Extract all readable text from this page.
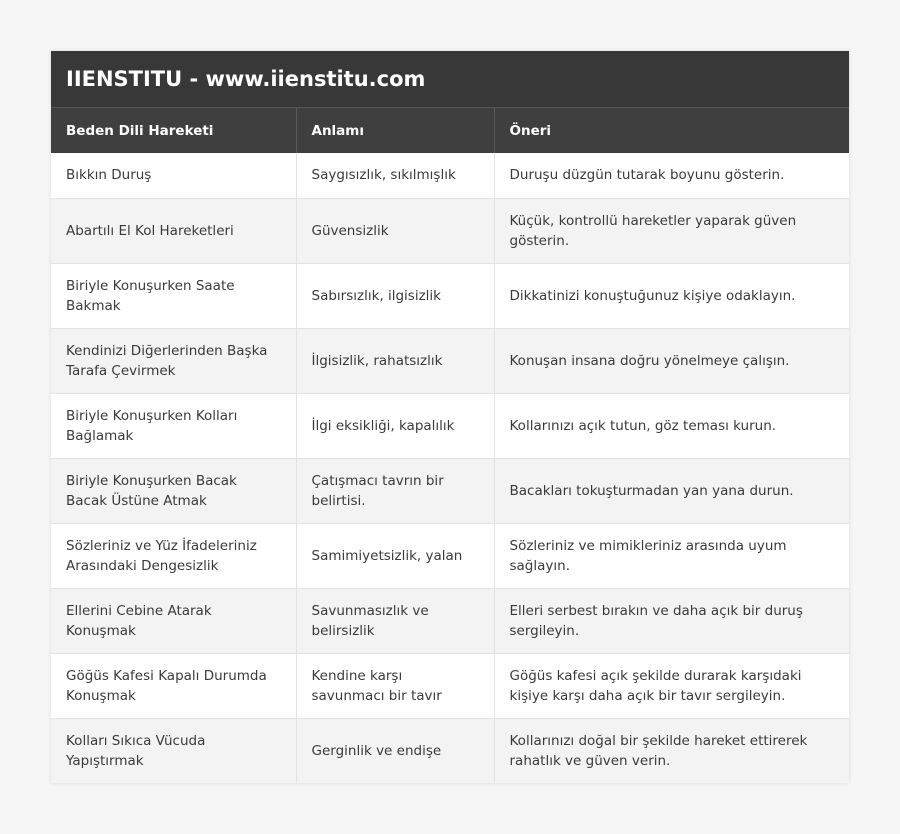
IIENSTITU - www.iienstitu.com
Beden Dili Hareketi	Anlamı	Öneri
Bıkkın Duruş	Saygısızlık, sıkılmışlık	Duruşu düzgün tutarak boyunu gösterin.
Abartılı El Kol Hareketleri	Güvensizlik	Küçük, kontrollü hareketler yaparak güven gösterin.
Biriyle Konuşurken Saate Bakmak	Sabırsızlık, ilgisizlik	Dikkatinizi konuştuğunuz kişiye odaklayın.
Kendinizi Diğerlerinden Başka Tarafa Çevirmek	İlgisizlik, rahatsızlık	Konuşan insana doğru yönelmeye çalışın.
Biriyle Konuşurken Kolları Bağlamak	İlgi eksikliği, kapalılık	Kollarınızı açık tutun, göz teması kurun.
Biriyle Konuşurken Bacak Bacak Üstüne Atmak	Çatışmacı tavrın bir belirtisi.	Bacakları tokuşturmadan yan yana durun.
Sözleriniz ve Yüz İfadeleriniz Arasındaki Dengesizlik	Samimiyetsizlik, yalan	Sözleriniz ve mimikleriniz arasında uyum sağlayın.
Ellerini Cebine Atarak Konuşmak	Savunmasızlık ve belirsizlik	Elleri serbest bırakın ve daha açık bir duruş sergileyin.
Göğüs Kafesi Kapalı Durumda Konuşmak	Kendine karşı savunmacı bir tavır	Göğüs kafesi açık şekilde durarak karşıdaki kişiye karşı daha açık bir tavır sergileyin.
Kolları Sıkıca Vücuda Yapıştırmak	Gerginlik ve endişe	Kollarınızı doğal bir şekilde hareket ettirerek rahatlık ve güven verin.
